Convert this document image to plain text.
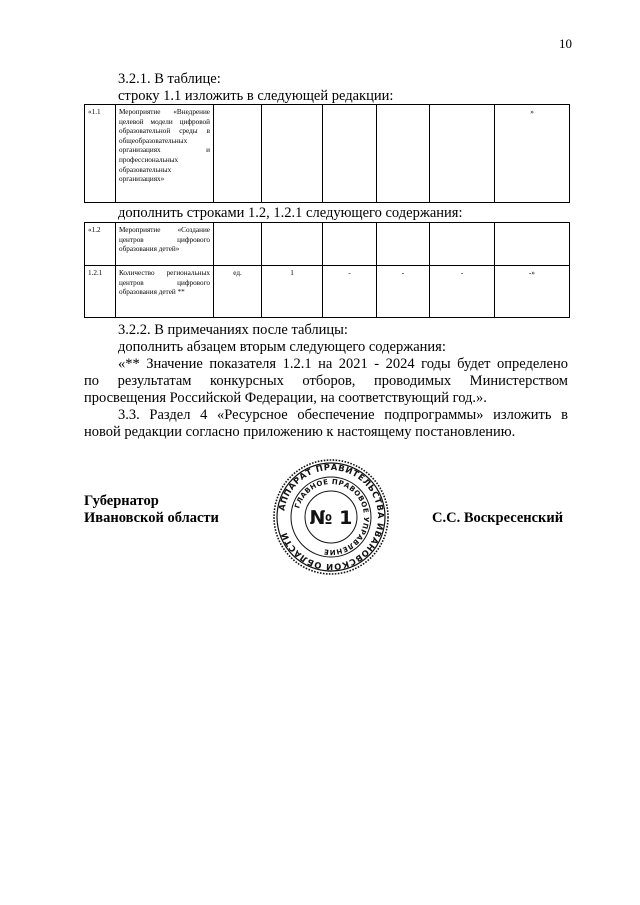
10
3.2.1. В таблице:
строку 1.1 изложить в следующей редакции:
«1.1	Мероприятие «Внедрение целевой модели цифровой образовательной среды в общеобразовательных организациях и профессиональных образовательных организациях»						»
дополнить строками 1.2, 1.2.1 следующего содержания:
«1.2	Мероприятие «Создание центров цифрового образования детей»						
1.2.1	Количество региональных центров цифрового образования детей **	ед.	1	-	-	-	-»
3.2.2. В примечаниях после таблицы:
дополнить абзацем вторым следующего содержания:
«** Значение показателя 1.2.1 на 2021 - 2024 годы будет определено
по результатам конкурсных отборов, проводимых Министерством
просвещения Российской Федерации, на соответствующий год.».
3.3. Раздел 4 «Ресурсное обеспечение подпрограммы» изложить в
новой редакции согласно приложению к настоящему постановлению.
Губернатор
Ивановской области
АППАРАТ ПРАВИТЕЛЬСТВА ИВАНОВСКОЙ ОБЛАСТИ
ГЛАВНОЕ ПРАВОВОЕ УПРАВЛЕНИЕ
№ 1	С.С. Воскресенский
